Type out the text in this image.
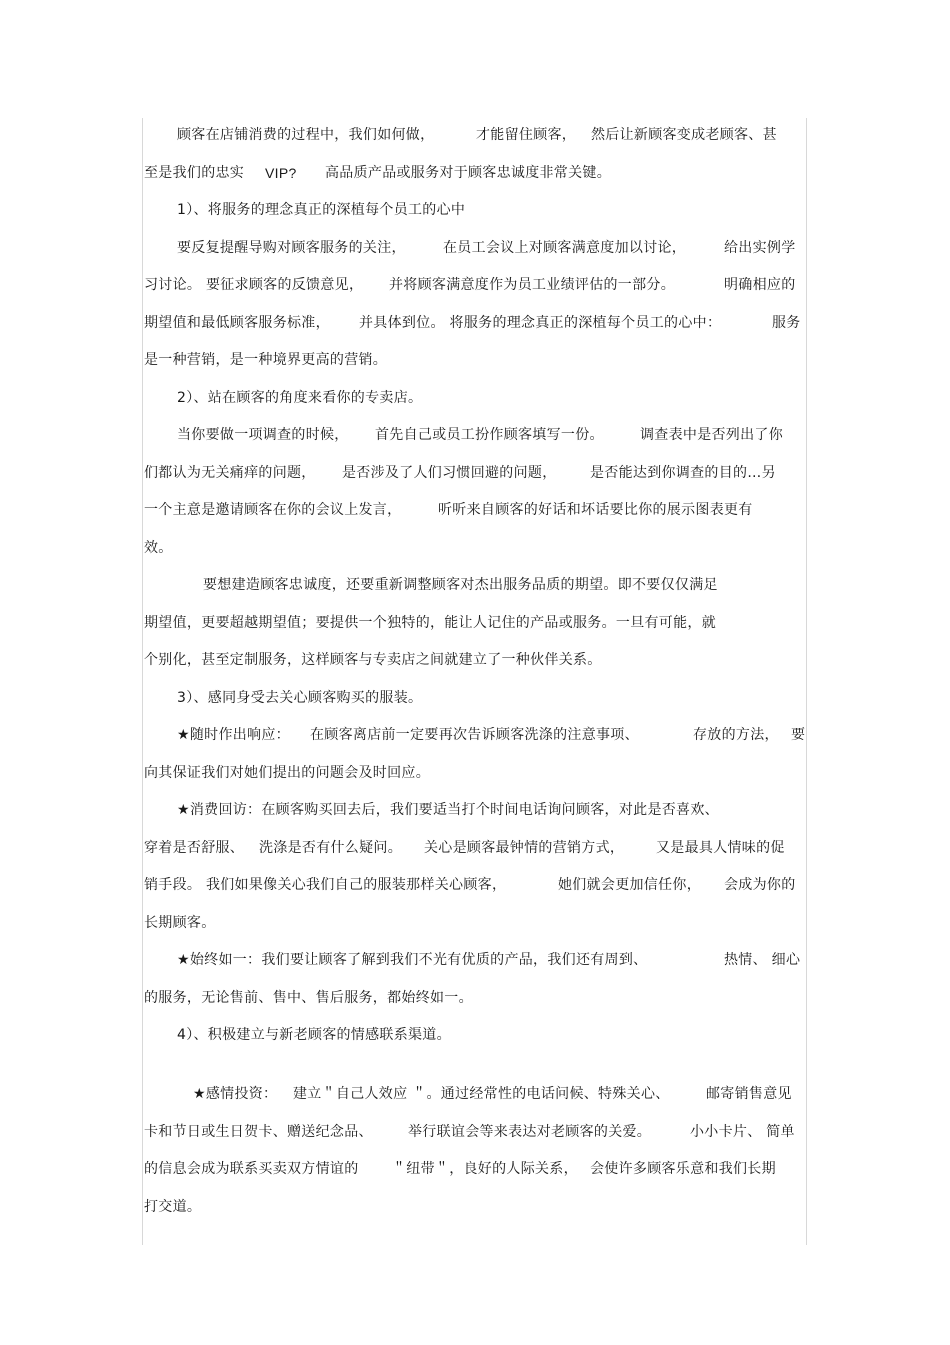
顾客在店铺消费的过程中，我们如何做，	才能留住顾客， 然后让新顾客变成老顾客、甚
至是我们的忠实 VIP? 高品质产品或服务对于顾客忠诚度非常关键。
1）、将服务的理念真正的深植每个员工的心中
要反复提醒导购对顾客服务的关注，	在员工会议上对顾客满意度加以讨论，	给出实例学
习讨论。 要征求顾客的反馈意见， 并将顾客满意度作为员工业绩评估的一部分。	明确相应的
期望值和最低顾客服务标准， 并具体到位。 将服务的理念真正的深植每个员工的心中：	服务
是一种营销，是一种境界更高的营销。
2）、站在顾客的角度来看你的专卖店。
当你要做一项调查的时候， 首先自己或员工扮作顾客填写一份。	调查表中是否列出了你
们都认为无关痛痒的问题， 是否涉及了人们习惯回避的问题， 是否能达到你调查的目的…另
一个主意是邀请顾客在你的会议上发言，	听听来自顾客的好话和坏话要比你的展示图表更有
效。
要想建造顾客忠诚度，还要重新调整顾客对杰出服务品质的期望。即不要仅仅满足
期望值，更要超越期望值；要提供一个独特的，能让人记住的产品或服务。一旦有可能，就
个别化，甚至定制服务，这样顾客与专卖店之间就建立了一种伙伴关系。
3）、感同身受去关心顾客购买的服装。
★随时作出响应： 在顾客离店前一定要再次告诉顾客洗涤的注意事项、	存放的方法， 要
向其保证我们对她们提出的问题会及时回应。
★消费回访：在顾客购买回去后，我们要适当打个时间电话询问顾客，对此是否喜欢、
穿着是否舒服、 洗涤是否有什么疑问。 关心是顾客最钟情的营销方式， 又是最具人情味的促
销手段。 我们如果像关心我们自己的服装那样关心顾客，	她们就会更加信任你， 会成为你的
长期顾客。
★始终如一：我们要让顾客了解到我们不光有优质的产品，我们还有周到、	热情、 细心
的服务，无论售前、售中、售后服务，都始终如一。
4）、积极建立与新老顾客的情感联系渠道。
★感情投资： 建立＂自己人效应 ＂。通过经常性的电话问候、特殊关心、	邮寄销售意见
卡和节日或生日贺卡、赠送纪念品、	举行联谊会等来表达对老顾客的关爱。	小小卡片、 简单
的信息会成为联系买卖双方情谊的 ＂纽带＂，良好的人际关系， 会使许多顾客乐意和我们长期
打交道。
